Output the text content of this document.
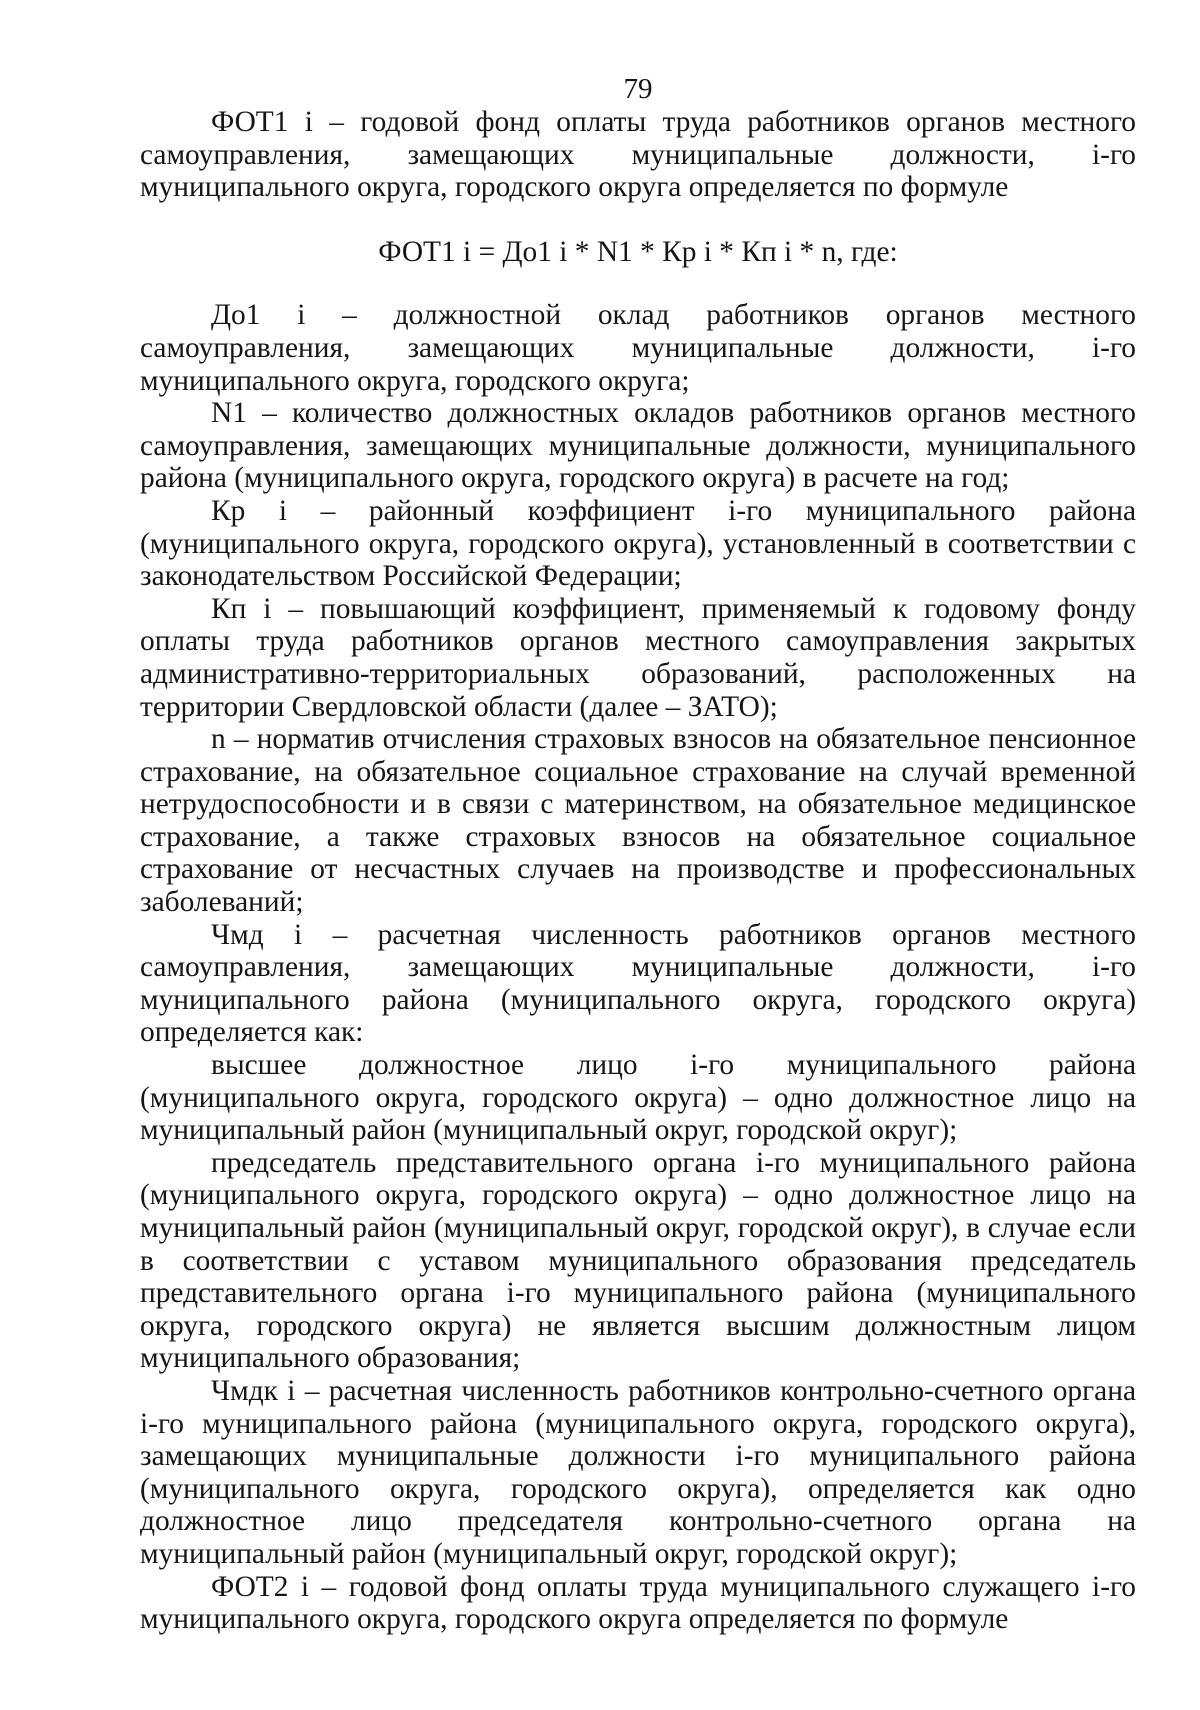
79

ФОТ1 i – годовой фонд оплаты труда работников органов местного самоуправления, замещающих муниципальные должности, i-го муниципального округа, городского округа определяется по формуле

ФОТ1 i = До1 i * N1 * Кр i * Кп i * n, где:

До1 i – должностной оклад работников органов местного самоуправления, замещающих муниципальные должности, i-го муниципального округа, городского округа;

N1 – количество должностных окладов работников органов местного самоуправления, замещающих муниципальные должности, муниципального района (муниципального округа, городского округа) в расчете на год;

Кр i – районный коэффициент i-го муниципального района (муниципального округа, городского округа), установленный в соответствии с законодательством Российской Федерации;

Кп i – повышающий коэффициент, применяемый к годовому фонду оплаты труда работников органов местного самоуправления закрытых административно-территориальных образований, расположенных на территории Свердловской области (далее – ЗАТО);

n – норматив отчисления страховых взносов на обязательное пенсионное страхование, на обязательное социальное страхование на случай временной нетрудоспособности и в связи с материнством, на обязательное медицинское страхование, а также страховых взносов на обязательное социальное страхование от несчастных случаев на производстве и профессиональных заболеваний;

Чмд i – расчетная численность работников органов местного самоуправления, замещающих муниципальные должности, i-го муниципального района (муниципального округа, городского округа) определяется как:

высшее должностное лицо i-го муниципального района (муниципального округа, городского округа) – одно должностное лицо на муниципальный район (муниципальный округ, городской округ);

председатель представительного органа i-го муниципального района (муниципального округа, городского округа) – одно должностное лицо на муниципальный район (муниципальный округ, городской округ), в случае если в соответствии с уставом муниципального образования председатель представительного органа i-го муниципального района (муниципального округа, городского округа) не является высшим должностным лицом муниципального образования;

Чмдк i – расчетная численность работников контрольно-счетного органа i-го муниципального района (муниципального округа, городского округа), замещающих муниципальные должности i-го муниципального района (муниципального округа, городского округа), определяется как одно должностное лицо председателя контрольно-счетного органа на муниципальный район (муниципальный округ, городской округ);

ФОТ2 i – годовой фонд оплаты труда муниципального служащего i-го муниципального округа, городского округа определяется по формуле
